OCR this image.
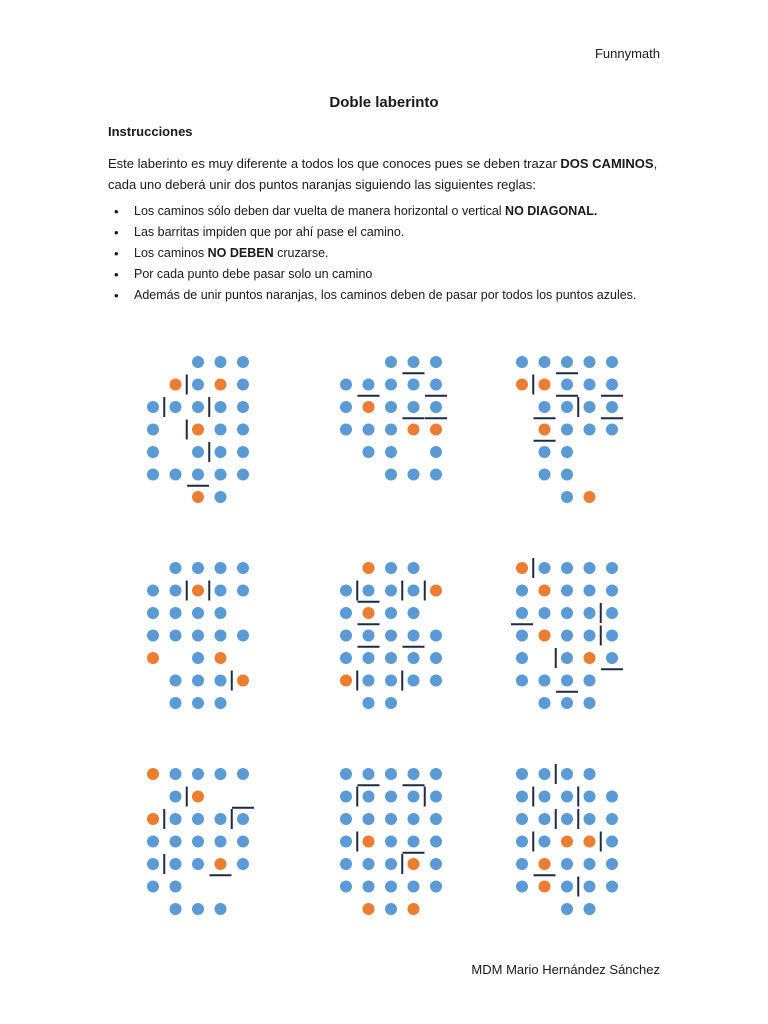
Funnymath
Doble laberinto
Instrucciones
Este laberinto es muy diferente a todos los que conoces pues se deben trazar DOS CAMINOS,
cada uno deberá unir dos puntos naranjas siguiendo las siguientes reglas:
• Los caminos sólo deben dar vuelta de manera horizontal o vertical NO DIAGONAL.
• Las barritas impiden que por ahí pase el camino.
• Los caminos NO DEBEN cruzarse.
• Por cada punto debe pasar solo un camino
• Además de unir puntos naranjas, los caminos deben de pasar por todos los puntos azules.
MDM Mario Hernández Sánchez
